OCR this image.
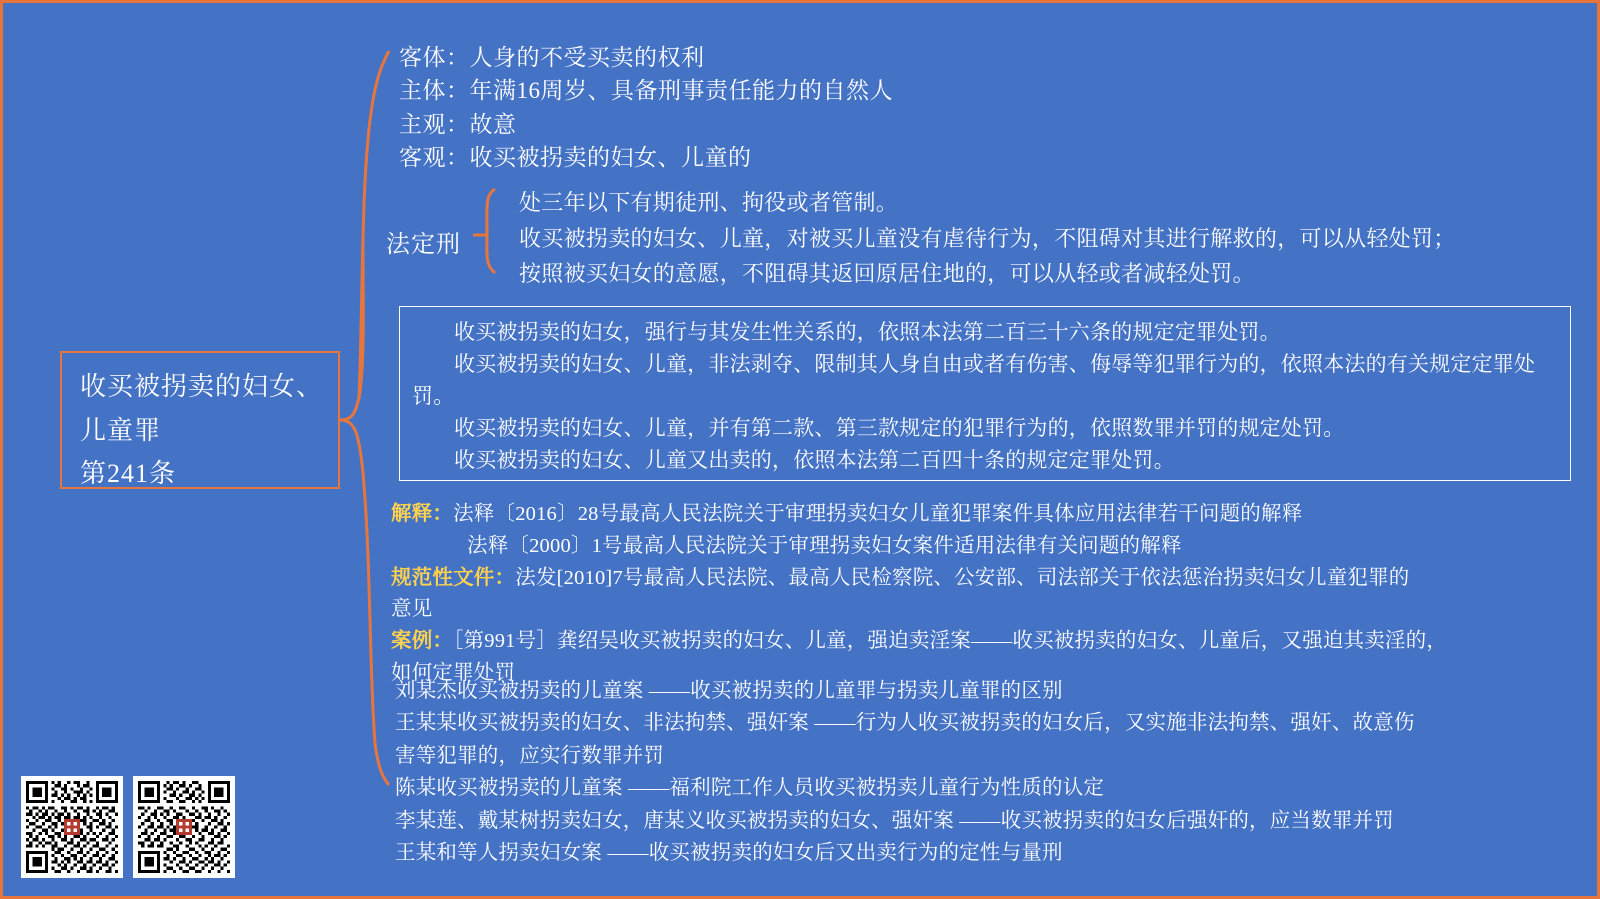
收买被拐卖的妇女、
儿童罪
第241条
客体：人身的不受买卖的权利
主体：年满16周岁、具备刑事责任能力的自然人
主观：故意
客观：收买被拐卖的妇女、儿童的
法定刑
处三年以下有期徒刑、拘役或者管制。
收买被拐卖的妇女、儿童，对被买儿童没有虐待行为，不阻碍对其进行解救的，可以从轻处罚；
按照被买妇女的意愿，不阻碍其返回原居住地的，可以从轻或者减轻处罚。

收买被拐卖的妇女，强行与其发生性关系的，依照本法第二百三十六条的规定定罪处罚。

收买被拐卖的妇女、儿童，非法剥夺、限制其人身自由或者有伤害、侮辱等犯罪行为的，依照本法的有关规定定罪处罚。

收买被拐卖的妇女、儿童，并有第二款、第三款规定的犯罪行为的，依照数罪并罚的规定处罚。

收买被拐卖的妇女、儿童又出卖的，依照本法第二百四十条的规定定罪处罚。

解释：法释〔2016〕28号最高人民法院关于审理拐卖妇女儿童犯罪案件具体应用法律若干问题的解释
法释〔2000〕1号最高人民法院关于审理拐卖妇女案件适用法律有关问题的解释
规范性文件：法发[2010]7号最高人民法院、最高人民检察院、公安部、司法部关于依法惩治拐卖妇女儿童犯罪的
意见
案例：［第991号］龚绍吴收买被拐卖的妇女、儿童，强迫卖淫案——收买被拐卖的妇女、儿童后，又强迫其卖淫的，
如何定罪处罚

刘某杰收买被拐卖的儿童案 ——收买被拐卖的儿童罪与拐卖儿童罪的区别

王某某收买被拐卖的妇女、非法拘禁、强奸案 ——行为人收买被拐卖的妇女后，又实施非法拘禁、强奸、故意伤

害等犯罪的，应实行数罪并罚

陈某收买被拐卖的儿童案 ——福利院工作人员收买被拐卖儿童行为性质的认定

李某莲、戴某树拐卖妇女，唐某义收买被拐卖的妇女、强奸案 ——收买被拐卖的妇女后强奸的，应当数罪并罚

王某和等人拐卖妇女案 ——收买被拐卖的妇女后又出卖行为的定性与量刑
